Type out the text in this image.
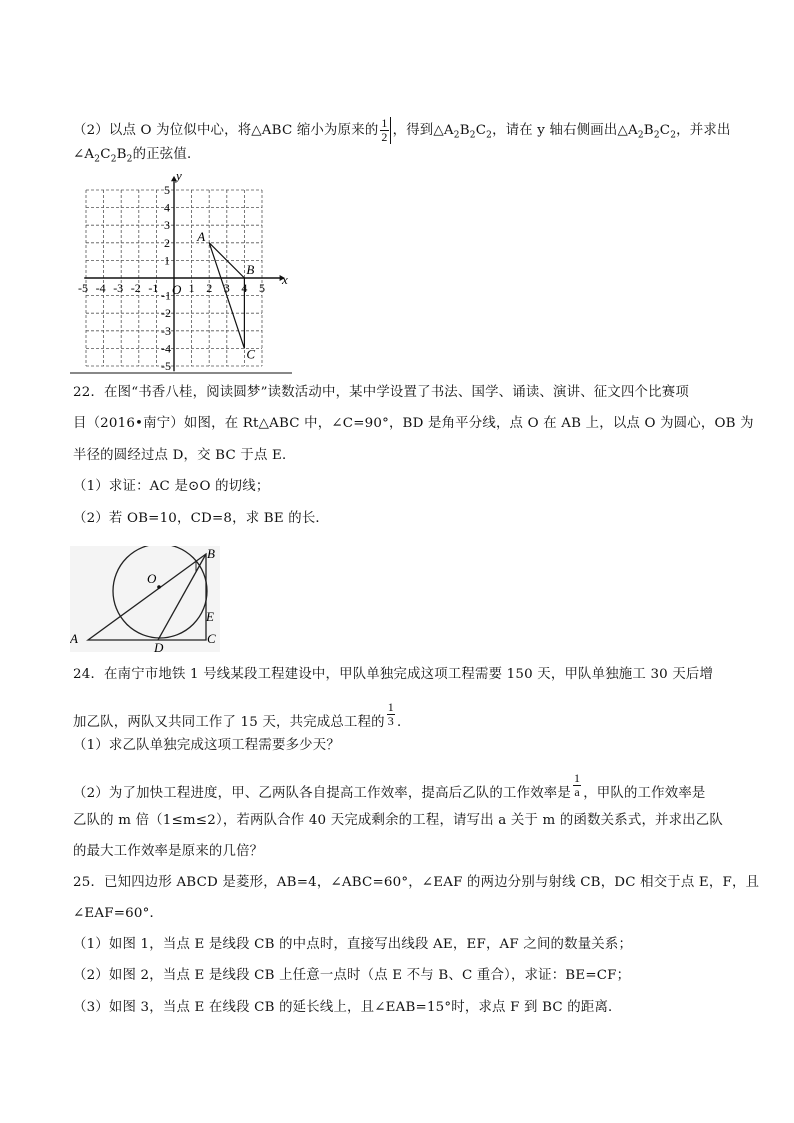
（2）以点 O 为位似中心，将△ABC 缩小为原来的 $\frac{1}{2}$ ，得到$\triangle A_2B_2C_2$，请在 y 轴右侧画出$\triangle A_2B_2C_2$，并求出
$\angle A_2C_2B_2$的正弦值．
-5 -4 -3 -2 -1	1 2 3 4 5
5
4
3
2
1
-1
-2
-3
-4
-5
A
B
C
y
x
O
22．在图“书香八桂，阅读圆梦”读数活动中，某中学设置了书法、国学、诵读、演讲、征文四个比赛项
目（2016•南宁）如图，在 Rt△ABC 中，∠C=90°，BD 是角平分线，点 O 在 AB 上，以点 O 为圆心，OB 为
半径的圆经过点 D，交 BC 于点 E．
（1）求证：AC 是⊙O 的切线；
（2）若 OB=10，CD=8，求 BE 的长．
A
B
C
D
E
O
24．在南宁市地铁 1 号线某段工程建设中，甲队单独完成这项工程需要 150 天，甲队单独施工 30 天后增
加乙队，两队又共同工作了 15 天，共完成总工程的 $\frac{1}{3}$ ．
（1）求乙队单独完成这项工程需要多少天？
（2）为了加快工程进度，甲、乙两队各自提高工作效率，提高后乙队的工作效率是 $\frac{1}{a}$ ，甲队的工作效率是
乙队的 m 倍（1≤m≤2），若两队合作 40 天完成剩余的工程，请写出 a 关于 m 的函数关系式，并求出乙队
的最大工作效率是原来的几倍？
25．已知四边形 ABCD 是菱形，AB=4，∠ABC=60°，∠EAF 的两边分别与射线 CB，DC 相交于点 E，F，且
∠EAF=60°．
（1）如图 1，当点 E 是线段 CB 的中点时，直接写出线段 AE，EF，AF 之间的数量关系；
（2）如图 2，当点 E 是线段 CB 上任意一点时（点 E 不与 B、C 重合），求证：BE=CF；
（3）如图 3，当点 E 在线段 CB 的延长线上，且∠EAB=15°时，求点 F 到 BC 的距离．
